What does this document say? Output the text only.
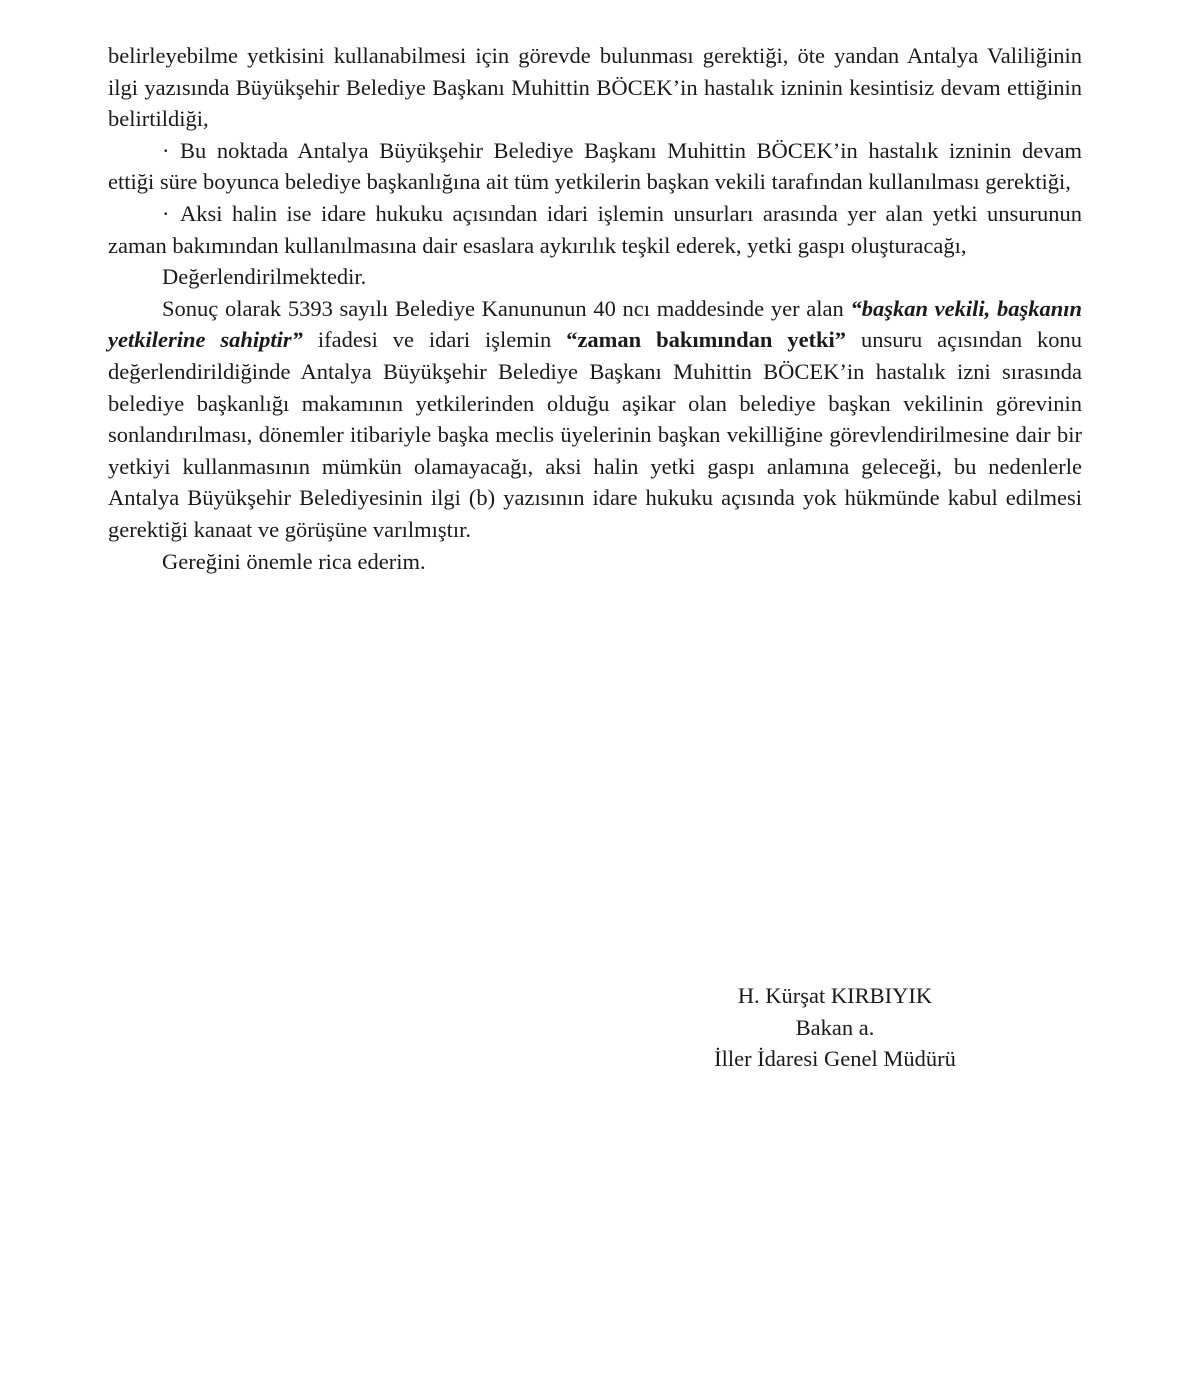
belirleyebilme yetkisini kullanabilmesi için görevde bulunması gerektiği, öte yandan Antalya Valiliğinin ilgi yazısında Büyükşehir Belediye Başkanı Muhittin BÖCEK’in hastalık izninin kesintisiz devam ettiğinin belirtildiği,

· Bu noktada Antalya Büyükşehir Belediye Başkanı Muhittin BÖCEK’in hastalık izninin devam ettiği süre boyunca belediye başkanlığına ait tüm yetkilerin başkan vekili tarafından kullanılması gerektiği,

· Aksi halin ise idare hukuku açısından idari işlemin unsurları arasında yer alan yetki unsurunun zaman bakımından kullanılmasına dair esaslara aykırılık teşkil ederek, yetki gaspı oluşturacağı,

Değerlendirilmektedir.

Sonuç olarak 5393 sayılı Belediye Kanununun 40 ncı maddesinde yer alan “başkan vekili, başkanın yetkilerine sahiptir” ifadesi ve idari işlemin “zaman bakımından yetki” unsuru açısından konu değerlendirildiğinde Antalya Büyükşehir Belediye Başkanı Muhittin BÖCEK’in hastalık izni sırasında belediye başkanlığı makamının yetkilerinden olduğu aşikar olan belediye başkan vekilinin görevinin sonlandırılması, dönemler itibariyle başka meclis üyelerinin başkan vekilliğine görevlendirilmesine dair bir yetkiyi kullanmasının mümkün olamayacağı, aksi halin yetki gaspı anlamına geleceği, bu nedenlerle Antalya Büyükşehir Belediyesinin ilgi (b) yazısının idare hukuku açısında yok hükmünde kabul edilmesi gerektiği kanaat ve görüşüne varılmıştır.

Gereğini önemle rica ederim.

H. Kürşat KIRBIYIK
Bakan a.
İller İdaresi Genel Müdürü
